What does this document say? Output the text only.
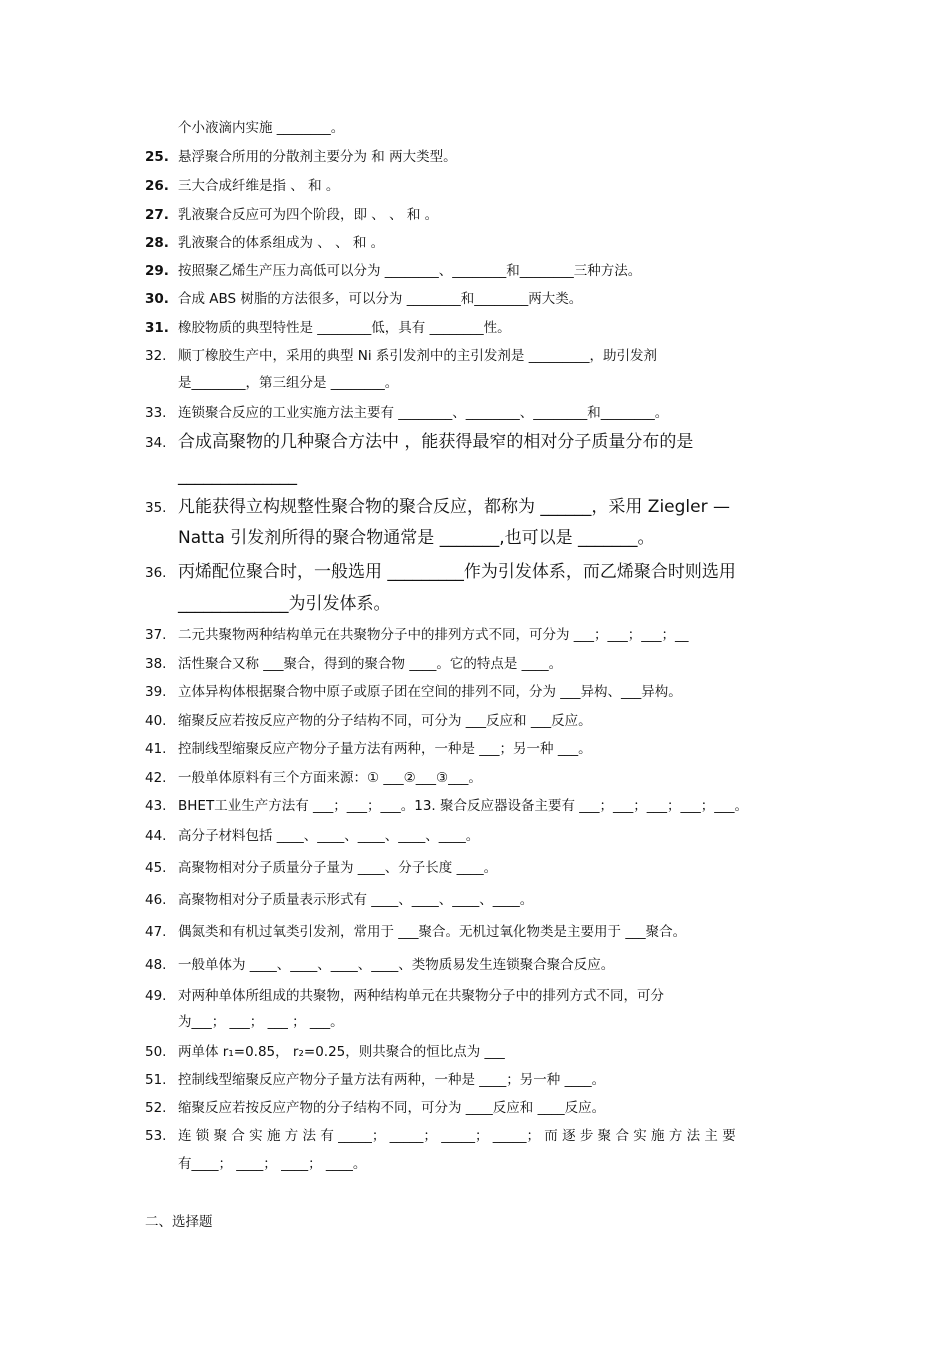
个小液滴内实施 ________。
25. 悬浮聚合所用的分散剂主要分为 和 两大类型。
26. 三大合成纤维是指 、 和 。
27. 乳液聚合反应可为四个阶段，即 、 、 和 。
28. 乳液聚合的体系组成为 、 、 和 。
29. 按照聚乙烯生产压力高低可以分为 ________、________和________三种方法。
30. 合成 ABS 树脂的方法很多，可以分为 ________和________两大类。
31. 橡胶物质的典型特性是 ________低，具有 ________性。
32. 顺丁橡胶生产中，采用的典型 Ni 系引发剂中的主引发剂是 _________，助引发剂
是________，第三组分是 ________。
33. 连锁聚合反应的工业实施方法主要有 ________、________、________和________。
34. 合成高聚物的几种聚合方法中 ，能获得最窄的相对分子质量分布的是
______________
35. 凡能获得立构规整性聚合物的聚合反应，都称为 ______，采用 Ziegler —
Natta 引发剂所得的聚合物通常是 _______,也可以是 _______。
36. 丙烯配位聚合时，一般选用 _________作为引发体系，而乙烯聚合时则选用
_____________为引发体系。
37. 二元共聚物两种结构单元在共聚物分子中的排列方式不同，可分为 ___；___；___；__
38. 活性聚合又称 ___聚合，得到的聚合物 ____。它的特点是 ____。
39. 立体异构体根据聚合物中原子或原子团在空间的排列不同，分为 ___异构、___异构。
40. 缩聚反应若按反应产物的分子结构不同，可分为 ___反应和 ___反应。
41. 控制线型缩聚反应产物分子量方法有两种，一种是 ___；另一种 ___。
42. 一般单体原料有三个方面来源：① ___②___③___。
43. BHET工业生产方法有 ___；___；___。13. 聚合反应器设备主要有 ___；___；___；___；___。
44. 高分子材料包括 ____、____、____、____、____。
45. 高聚物相对分子质量分子量为 ____、分子长度 ____。
46. 高聚物相对分子质量表示形式有 ____、____、____、____。
47. 偶氮类和有机过氧类引发剂，常用于 ___聚合。无机过氧化物类是主要用于 ___聚合。
48. 一般单体为 ____、____、____、____、类物质易发生连锁聚合聚合反应。
49. 对两种单体所组成的共聚物，两种结构单元在共聚物分子中的排列方式不同，可分
为___； ___； ___ ； ___。
50. 两单体 r₁=0.85， r₂=0.25，则共聚合的恒比点为 ___
51. 控制线型缩聚反应产物分子量方法有两种，一种是 ____；另一种 ____。
52. 缩聚反应若按反应产物的分子结构不同，可分为 ____反应和 ____反应。
53. 连 锁 聚 合 实 施 方 法 有 _____； _____； _____； _____； 而 逐 步 聚 合 实 施 方 法 主 要
有____； ____； ____； ____。
二、选择题
